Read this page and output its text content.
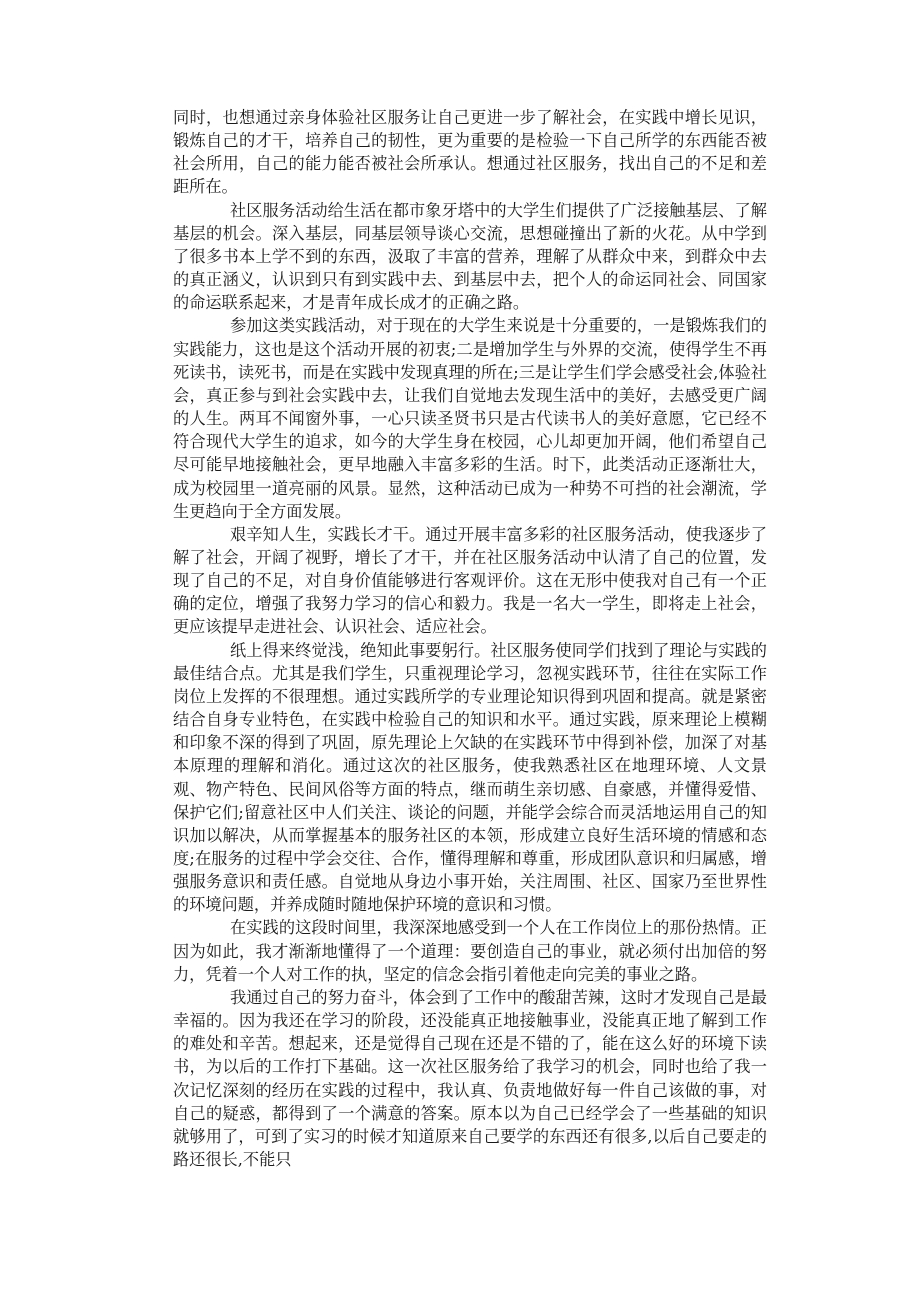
同时，也想通过亲身体验社区服务让自己更进一步了解社会，在实践中增长见识，锻炼自己的才干，培养自己的韧性，更为重要的是检验一下自己所学的东西能否被社会所用，自己的能力能否被社会所承认。想通过社区服务，找出自己的不足和差距所在。

社区服务活动给生活在都市象牙塔中的大学生们提供了广泛接触基层、了解基层的机会。深入基层，同基层领导谈心交流，思想碰撞出了新的火花。从中学到了很多书本上学不到的东西，汲取了丰富的营养，理解了从群众中来，到群众中去的真正涵义，认识到只有到实践中去、到基层中去，把个人的命运同社会、同国家的命运联系起来，才是青年成长成才的正确之路。

参加这类实践活动，对于现在的大学生来说是十分重要的，一是锻炼我们的实践能力，这也是这个活动开展的初衷;二是增加学生与外界的交流，使得学生不再死读书，读死书，而是在实践中发现真理的所在;三是让学生们学会感受社会,体验社会，真正参与到社会实践中去，让我们自觉地去发现生活中的美好，去感受更广阔的人生。两耳不闻窗外事，一心只读圣贤书只是古代读书人的美好意愿，它已经不符合现代大学生的追求，如今的大学生身在校园，心儿却更加开阔，他们希望自己尽可能早地接触社会，更早地融入丰富多彩的生活。时下，此类活动正逐渐壮大，成为校园里一道亮丽的风景。显然，这种活动已成为一种势不可挡的社会潮流，学生更趋向于全方面发展。

艰辛知人生，实践长才干。通过开展丰富多彩的社区服务活动，使我逐步了解了社会，开阔了视野，增长了才干，并在社区服务活动中认清了自己的位置，发现了自己的不足，对自身价值能够进行客观评价。这在无形中使我对自己有一个正确的定位，增强了我努力学习的信心和毅力。我是一名大一学生，即将走上社会，更应该提早走进社会、认识社会、适应社会。

纸上得来终觉浅，绝知此事要躬行。社区服务使同学们找到了理论与实践的最佳结合点。尤其是我们学生，只重视理论学习，忽视实践环节，往往在实际工作岗位上发挥的不很理想。通过实践所学的专业理论知识得到巩固和提高。就是紧密结合自身专业特色，在实践中检验自己的知识和水平。通过实践，原来理论上模糊和印象不深的得到了巩固，原先理论上欠缺的在实践环节中得到补偿，加深了对基本原理的理解和消化。通过这次的社区服务，使我熟悉社区在地理环境、人文景观、物产特色、民间风俗等方面的特点，继而萌生亲切感、自豪感，并懂得爱惜、保护它们;留意社区中人们关注、谈论的问题，并能学会综合而灵活地运用自己的知识加以解决，从而掌握基本的服务社区的本领，形成建立良好生活环境的情感和态度;在服务的过程中学会交往、合作，懂得理解和尊重，形成团队意识和归属感，增强服务意识和责任感。自觉地从身边小事开始，关注周围、社区、国家乃至世界性的环境问题，并养成随时随地保护环境的意识和习惯。

在实践的这段时间里，我深深地感受到一个人在工作岗位上的那份热情。正因为如此，我才渐渐地懂得了一个道理：要创造自己的事业，就必须付出加倍的努力，凭着一个人对工作的执，坚定的信念会指引着他走向完美的事业之路。

我通过自己的努力奋斗，体会到了工作中的酸甜苦辣，这时才发现自己是最幸福的。因为我还在学习的阶段，还没能真正地接触事业，没能真正地了解到工作的难处和辛苦。想起来，还是觉得自己现在还是不错的了，能在这么好的环境下读书，为以后的工作打下基础。这一次社区服务给了我学习的机会，同时也给了我一次记忆深刻的经历在实践的过程中，我认真、负责地做好每一件自己该做的事，对自己的疑惑，都得到了一个满意的答案。原本以为自己已经学会了一些基础的知识就够用了，可到了实习的时候才知道原来自己要学的东西还有很多,以后自己要走的路还很长,不能只
